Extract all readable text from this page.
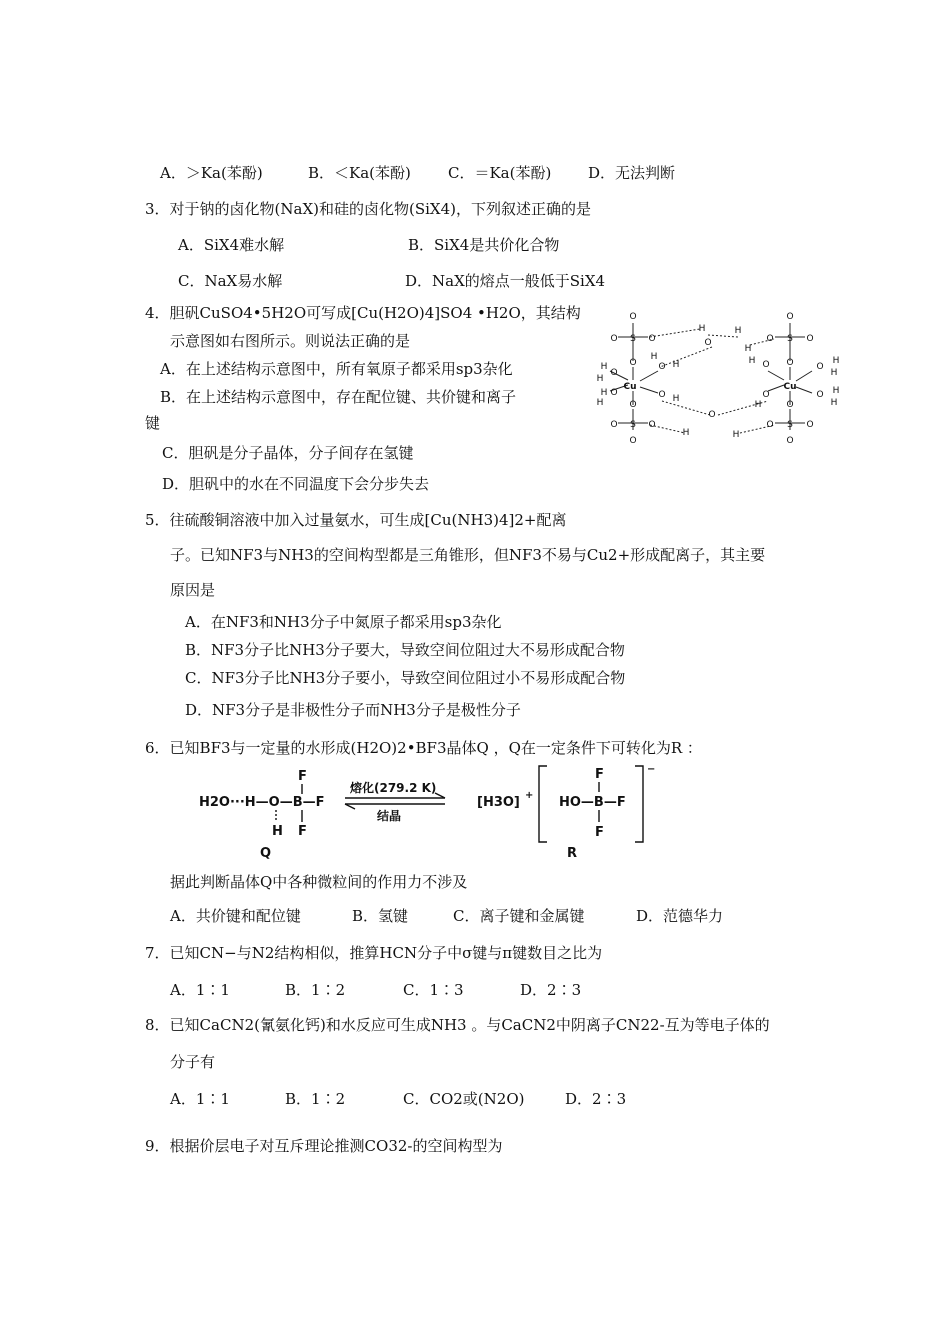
A．＞Ka(苯酚)	B．＜Ka(苯酚) C．＝Ka(苯酚) D．无法判断
3．对于钠的卤化物(NaX)和硅的卤化物(SiX4)，下列叙述正确的是
A．SiX4难水解	B．SiX4是共价化合物
C．NaX易水解	D．NaX的熔点一般低于SiX4
4．胆矾CuSO4•5H2O可写成[Cu(H2O)4]SO4 •H2O，其结构
示意图如右图所示。则说法正确的是
A．在上述结构示意图中，所有氧原子都采用sp3杂化
B．在上述结构示意图中，存在配位键、共价键和离子
键
C．胆矾是分子晶体，分子间存在氢键
D．胆矾中的水在不同温度下会分步失去
O
O S O
O
Cu
H
O
H
H O
H
O H
H
O H
O
O S O
O
H
O
H
H
O
H	H
O
O S O
O
Cu
O
H
O
H
O
H
H
O H
H
O
O S O
O
5．往硫酸铜溶液中加入过量氨水，可生成[Cu(NH3)4]2+配离
子。已知NF3与NH3的空间构型都是三角锥形，但NF3不易与Cu2+形成配离子，其主要
原因是
A．在NF3和NH3分子中氮原子都采用sp3杂化
B．NF3分子比NH3分子要大，导致空间位阻过大不易形成配合物
C．NF3分子比NH3分子要小，导致空间位阻过小不易形成配合物
D．NF3分子是非极性分子而NH3分子是极性分子
6．已知BF3与一定量的水形成(H2O)2•BF3晶体Q ，Q在一定条件下可转化为R ：
H2O···H—O—B—F
F
F
H
Q
熔化(279.2 K)
结晶
[H3O] + HO—B—F
F
F
R
−
据此判断晶体Q中各种微粒间的作用力不涉及
A．共价键和配位键	B．氢键	C．离子键和金属键	D．范德华力
7．已知CN−与N2结构相似，推算HCN分子中σ键与π键数目之比为
A．1∶1	B．1∶2	C．1∶3	D．2∶3
8．已知CaCN2(氰氨化钙)和水反应可生成NH3 。与CaCN2中阴离子CN22-互为等电子体的
分子有
A．1∶1	B．1∶2	C．CO2或(N2O)	D．2∶3
9．根据价层电子对互斥理论推测CO32-的空间构型为
